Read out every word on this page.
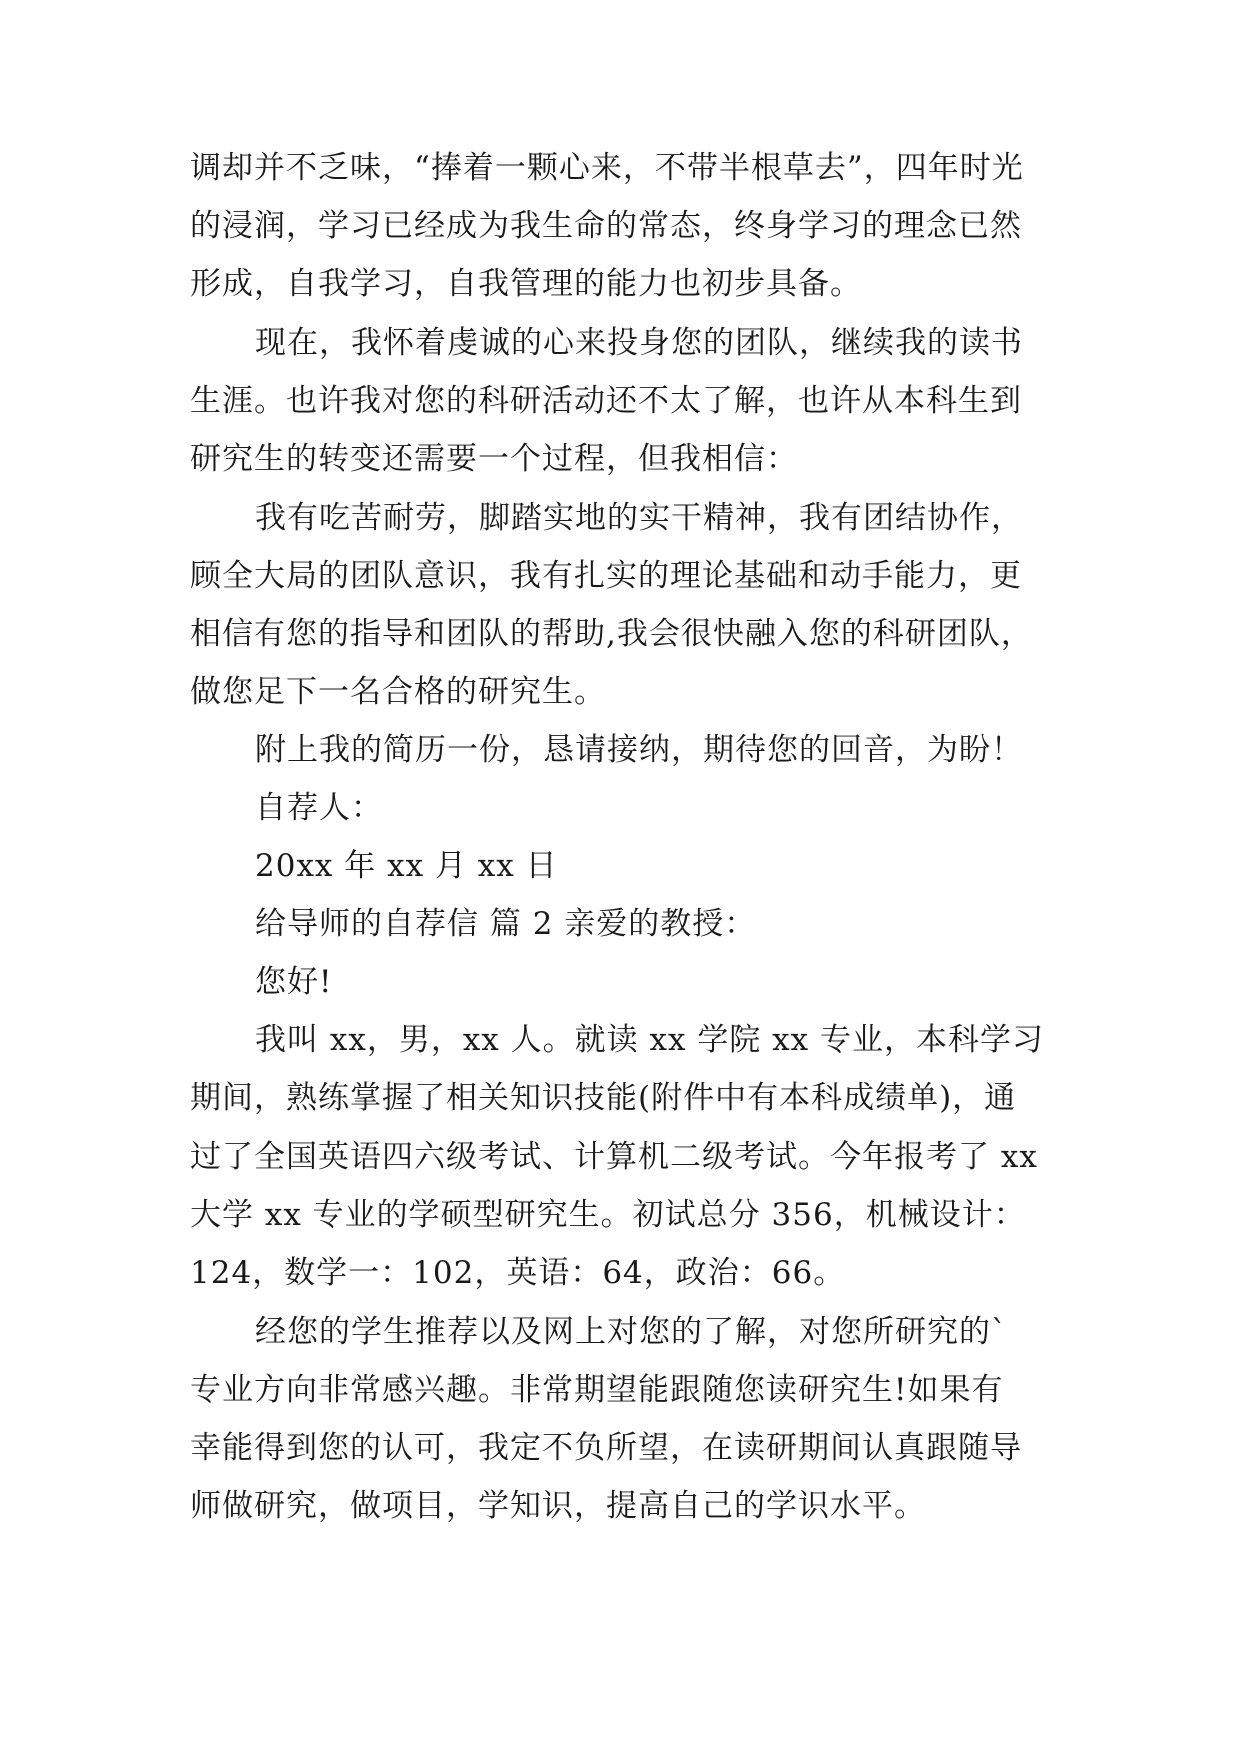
调却并不乏味，“捧着一颗心来，不带半根草去”，四年时光
的浸润，学习已经成为我生命的常态，终身学习的理念已然
形成，自我学习，自我管理的能力也初步具备。
现在，我怀着虔诚的心来投身您的团队，继续我的读书
生涯。也许我对您的科研活动还不太了解，也许从本科生到
研究生的转变还需要一个过程，但我相信：
我有吃苦耐劳，脚踏实地的实干精神，我有团结协作，
顾全大局的团队意识，我有扎实的理论基础和动手能力，更
相信有您的指导和团队的帮助,我会很快融入您的科研团队，
做您足下一名合格的研究生。
附上我的简历一份，恳请接纳，期待您的回音，为盼！
自荐人：
20xx 年 xx 月 xx 日
给导师的自荐信 篇 2 亲爱的教授：
您好!
我叫 xx，男，xx 人。就读 xx 学院 xx 专业，本科学习
期间，熟练掌握了相关知识技能(附件中有本科成绩单)，通
过了全国英语四六级考试、计算机二级考试。今年报考了 xx
大学 xx 专业的学硕型研究生。初试总分 356，机械设计：
124，数学一：102，英语：64，政治：66。
经您的学生推荐以及网上对您的了解，对您所研究的`
专业方向非常感兴趣。非常期望能跟随您读研究生!如果有
幸能得到您的认可，我定不负所望，在读研期间认真跟随导
师做研究，做项目，学知识，提高自己的学识水平。
